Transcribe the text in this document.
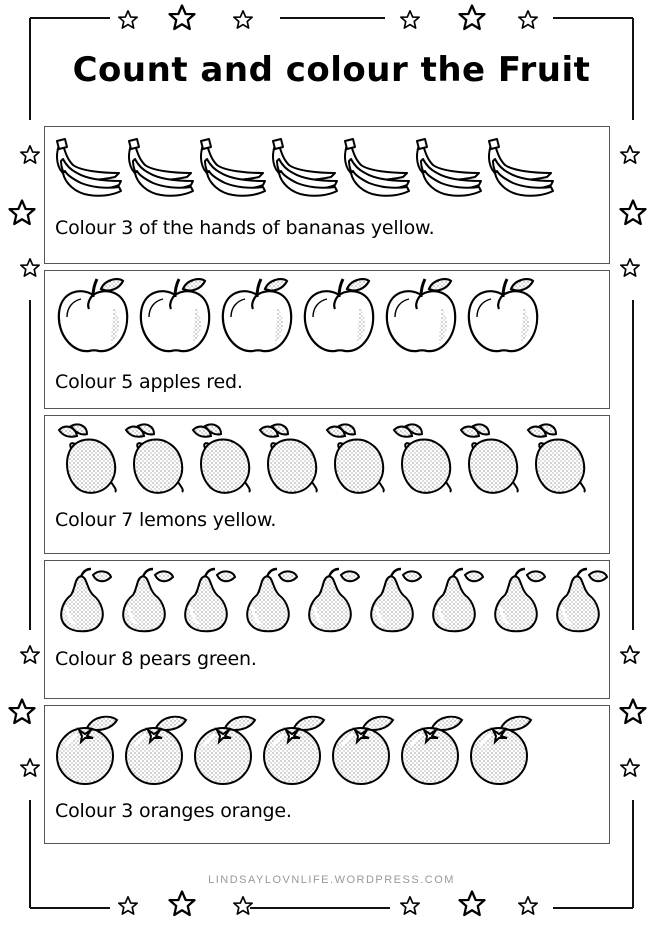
Count and colour the Fruit
Colour 3 of the hands of bananas yellow.
Colour 5 apples red.
Colour 7 lemons yellow.
Colour 8 pears green.
Colour 3 oranges orange.
LINDSAYLOVNLIFE.WORDPRESS.COM
